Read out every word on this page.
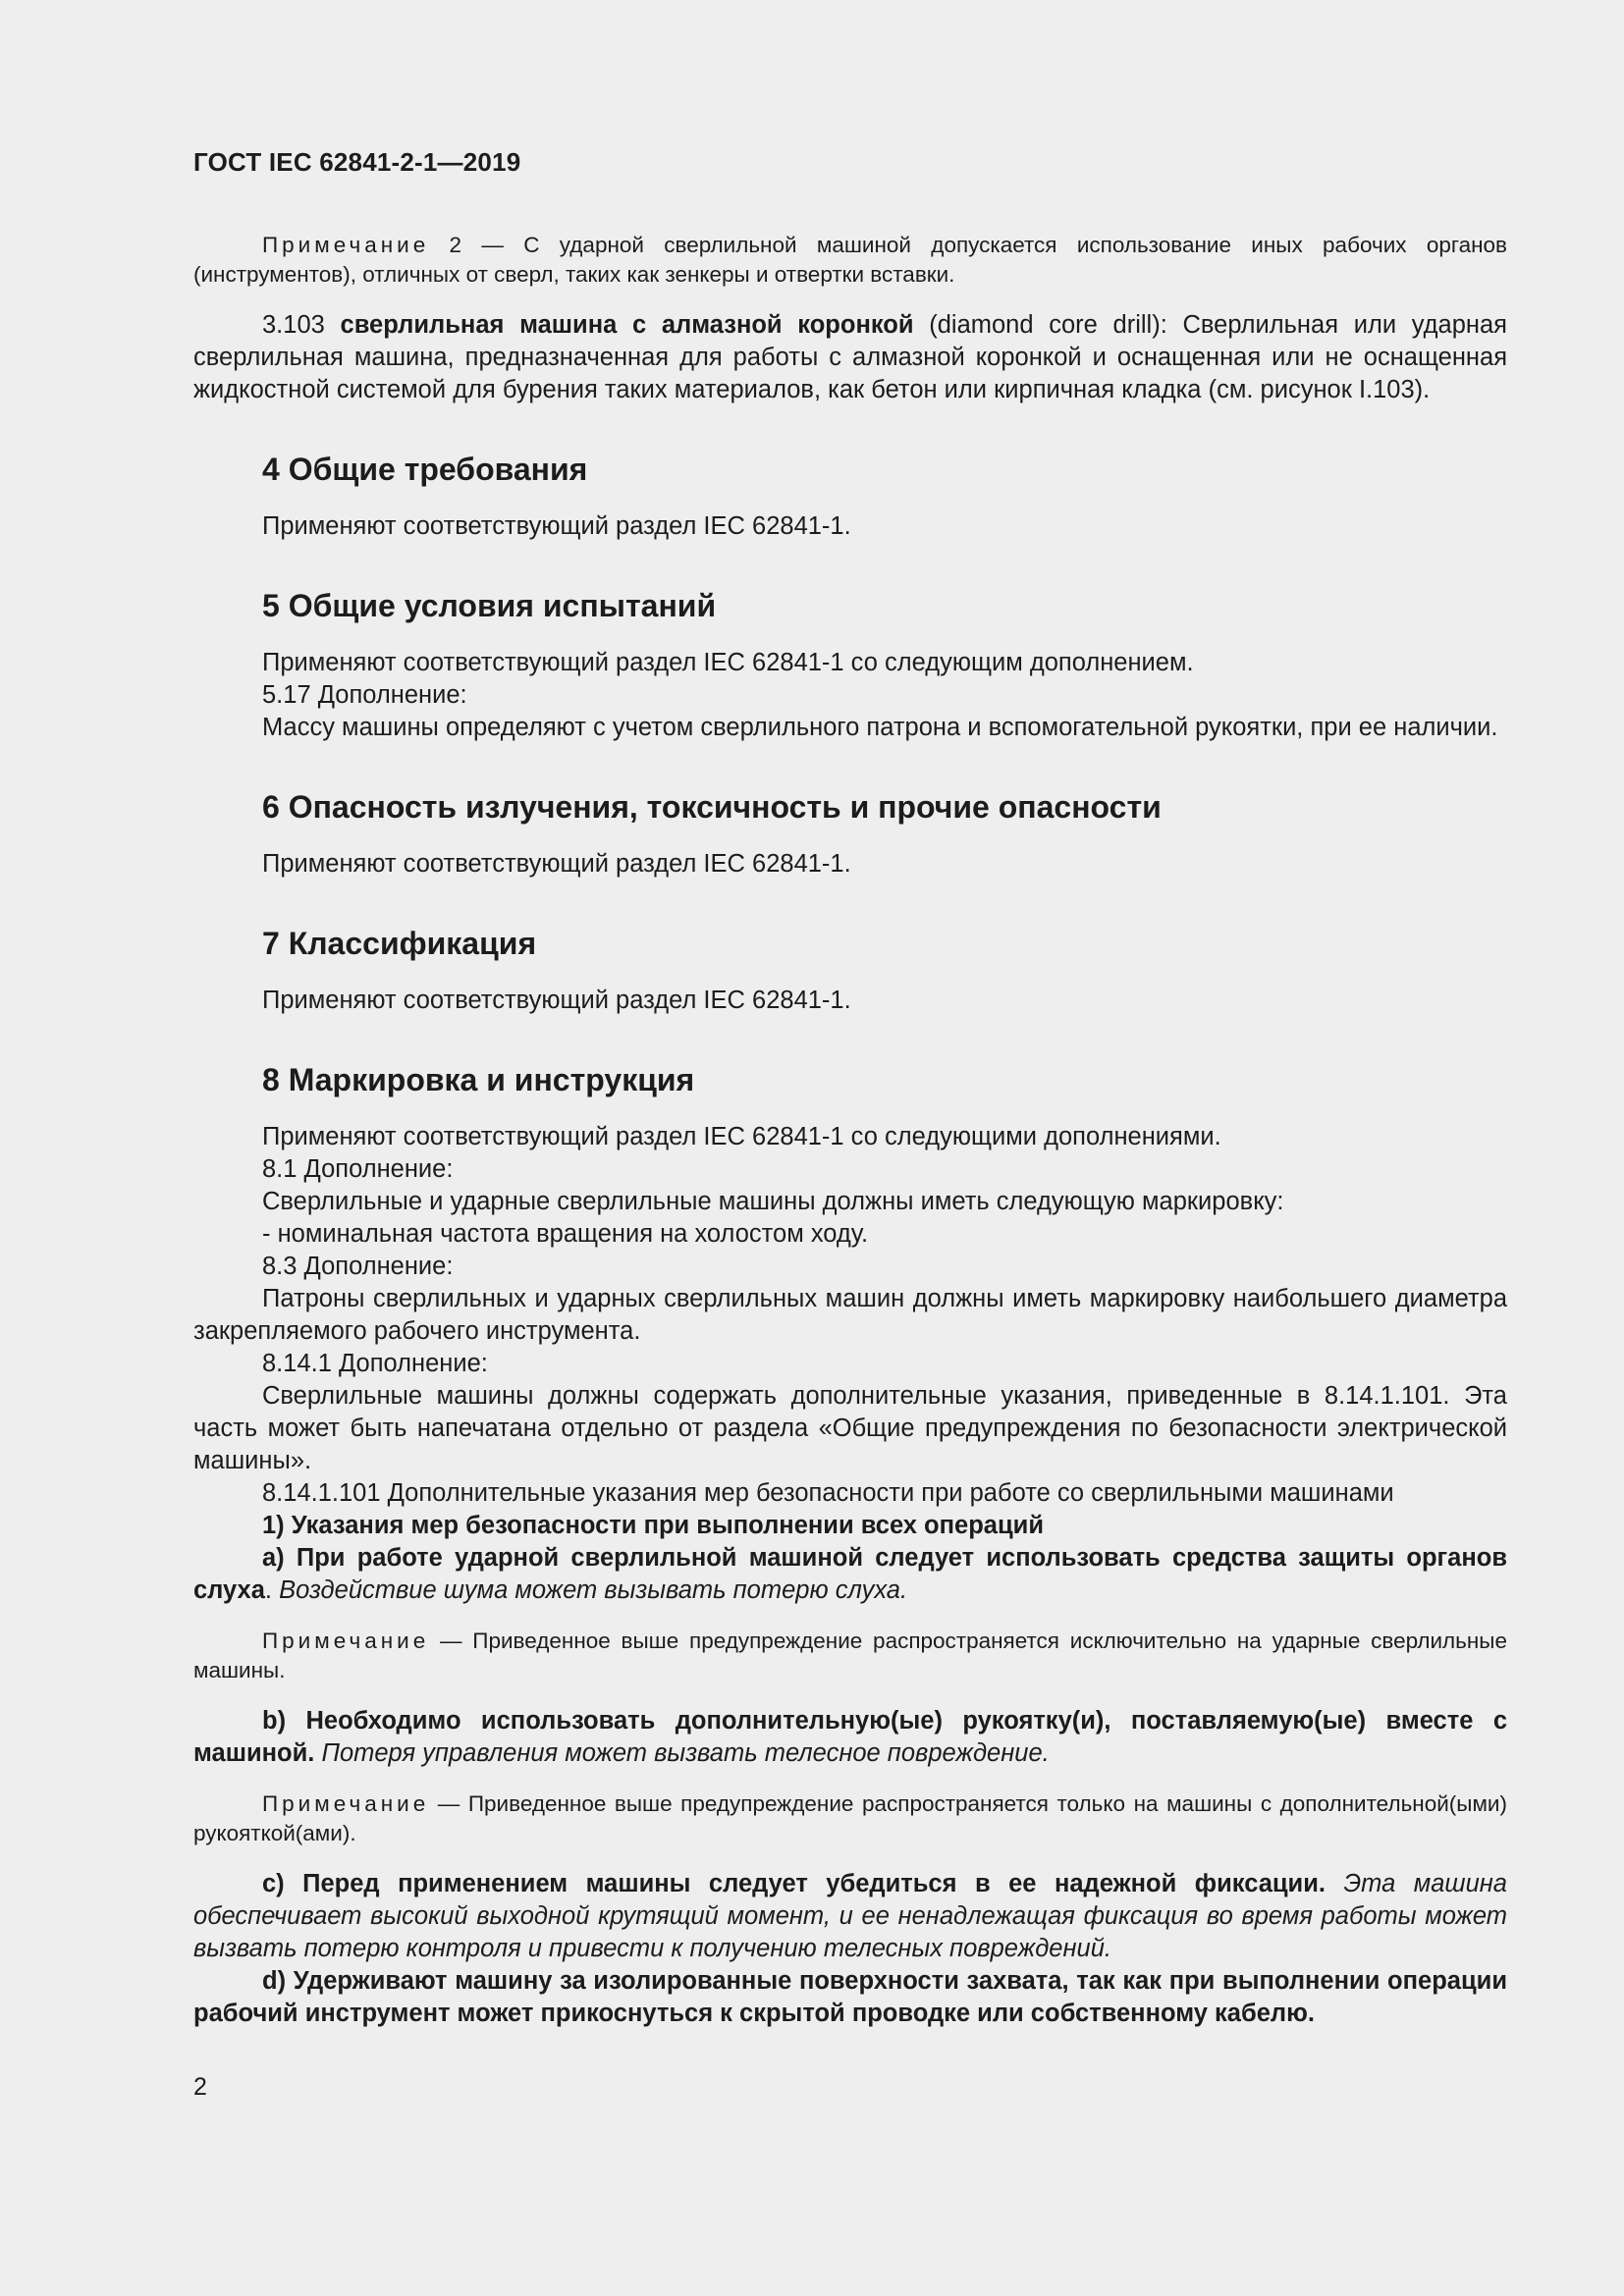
ГОСТ IEC 62841-2-1—2019

Примечание 2 — С ударной сверлильной машиной допускается использование иных рабочих органов (инструментов), отличных от сверл, таких как зенкеры и отвертки вставки.

3.103 сверлильная машина с алмазной коронкой (diamond core drill): Сверлильная или ударная сверлильная машина, предназначенная для работы с алмазной коронкой и оснащенная или не оснащенная жидкостной системой для бурения таких материалов, как бетон или кирпичная кладка (см. рисунок I.103).

4 Общие требования

Применяют соответствующий раздел IEC 62841-1.

5 Общие условия испытаний

Применяют соответствующий раздел IEC 62841-1 со следующим дополнением.

5.17 Дополнение:

Массу машины определяют с учетом сверлильного патрона и вспомогательной рукоятки, при ее наличии.

6 Опасность излучения, токсичность и прочие опасности

Применяют соответствующий раздел IEC 62841-1.

7 Классификация

Применяют соответствующий раздел IEC 62841-1.

8 Маркировка и инструкция

Применяют соответствующий раздел IEC 62841-1 со следующими дополнениями.

8.1 Дополнение:

Сверлильные и ударные сверлильные машины должны иметь следующую маркировку:

- номинальная частота вращения на холостом ходу.

8.3 Дополнение:

Патроны сверлильных и ударных сверлильных машин должны иметь маркировку наибольшего диаметра закрепляемого рабочего инструмента.

8.14.1 Дополнение:

Сверлильные машины должны содержать дополнительные указания, приведенные в 8.14.1.101. Эта часть может быть напечатана отдельно от раздела «Общие предупреждения по безопасности электрической машины».

8.14.1.101 Дополнительные указания мер безопасности при работе со сверлильными машинами

1) Указания мер безопасности при выполнении всех операций

а) При работе ударной сверлильной машиной следует использовать средства защиты органов слуха. Воздействие шума может вызывать потерю слуха.

Примечание — Приведенное выше предупреждение распространяется исключительно на ударные сверлильные машины.

b) Необходимо использовать дополнительную(ые) рукоятку(и), поставляемую(ые) вместе с машиной. Потеря управления может вызвать телесное повреждение.

Примечание — Приведенное выше предупреждение распространяется только на машины с дополнительной(ыми) рукояткой(ами).

с) Перед применением машины следует убедиться в ее надежной фиксации. Эта машина обеспечивает высокий выходной крутящий момент, и ее ненадлежащая фиксация во время работы может вызвать потерю контроля и привести к получению телесных повреждений.

d) Удерживают машину за изолированные поверхности захвата, так как при выполнении операции рабочий инструмент может прикоснуться к скрытой проводке или собственному кабелю.

2
